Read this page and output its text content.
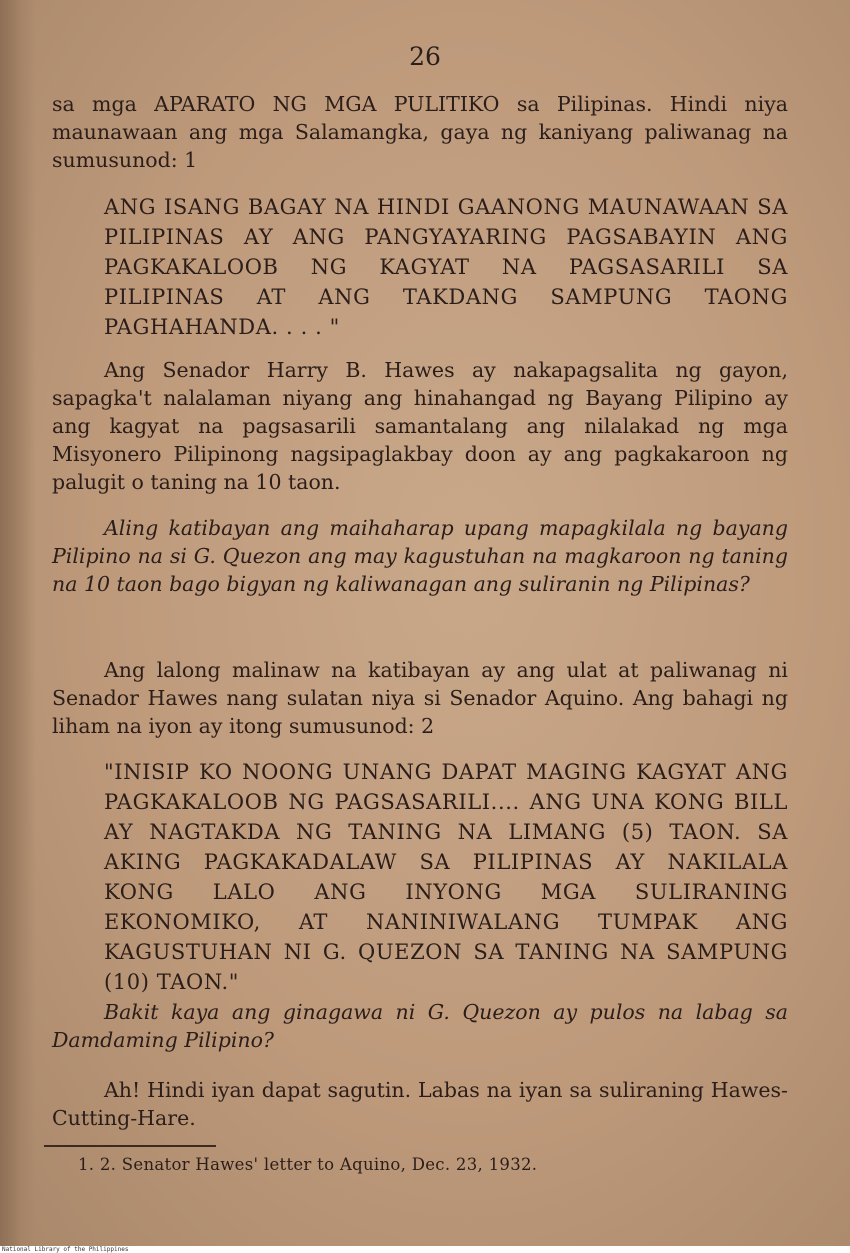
26

sa mga APARATO NG MGA PULITIKO sa Pilipinas. Hindi niya maunawaan ang mga Salamangka, gaya ng kaniyang paliwanag na sumusunod: 1

ANG ISANG BAGAY NA HINDI GAANONG MAUNAWAAN SA PILIPINAS AY ANG PANGYAYARING PAGSABAYIN ANG PAGKAKALOOB NG KAGYAT NA PAGSASARILI SA PILIPINAS AT ANG TAKDANG SAMPUNG TAONG PAGHAHANDA. . . . "

Ang Senador Harry B. Hawes ay nakapagsalita ng gayon, sapagka't nalalaman niyang ang hinahangad ng Bayang Pilipino ay ang kagyat na pagsasarili samantalang ang nilalakad ng mga Misyonero Pilipinong nagsipaglakbay doon ay ang pagkakaroon ng palugit o taning na 10 taon.

Aling katibayan ang maihaharap upang mapagkilala ng bayang Pilipino na si G. Quezon ang may kagustuhan na magkaroon ng taning na 10 taon bago bigyan ng kaliwanagan ang suliranin ng Pilipinas?

Ang lalong malinaw na katibayan ay ang ulat at paliwanag ni Senador Hawes nang sulatan niya si Senador Aquino. Ang bahagi ng liham na iyon ay itong sumusunod: 2

"INISIP KO NOONG UNANG DAPAT MAGING KAGYAT ANG PAGKAKALOOB NG PAGSASARILI.... ANG UNA KONG BILL AY NAGTAKDA NG TANING NA LIMANG (5) TAON. SA AKING PAGKAKADALAW SA PILIPINAS AY NAKILALA KONG LALO ANG INYONG MGA SULIRANING EKONOMIKO, AT NANINIWALANG TUMPAK ANG KAGUSTUHAN NI G. QUEZON SA TANING NA SAMPUNG (10) TAON."

Bakit kaya ang ginagawa ni G. Quezon ay pulos na labag sa Damdaming Pilipino?

Ah! Hindi iyan dapat sagutin. Labas na iyan sa suliraning Hawes-Cutting-Hare.

1. 2. Senator Hawes' letter to Aquino, Dec. 23, 1932.
National Library of the Philippines
